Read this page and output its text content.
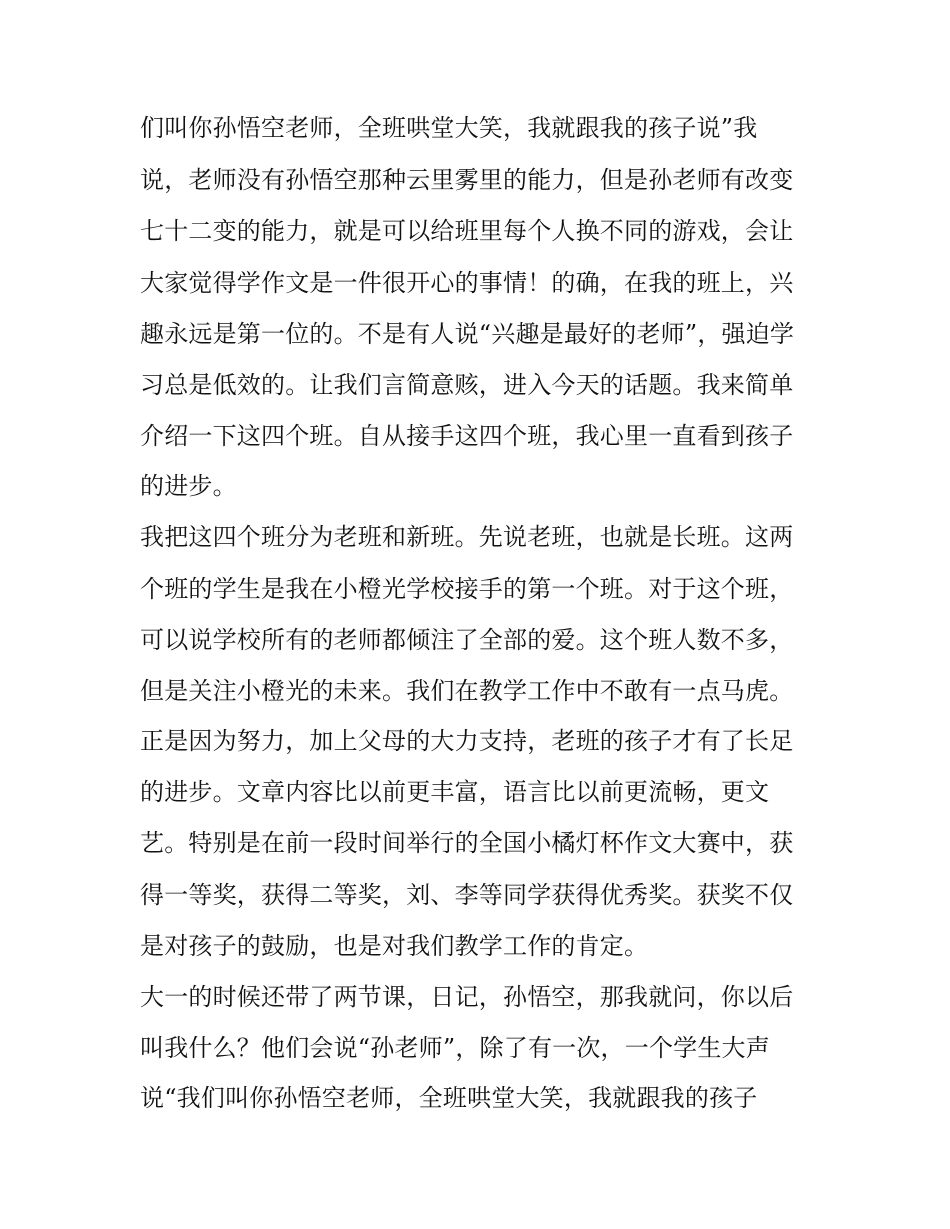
们叫你孙悟空老师，全班哄堂大笑，我就跟我的孩子说”我
说，老师没有孙悟空那种云里雾里的能力，但是孙老师有改变
七十二变的能力，就是可以给班里每个人换不同的游戏，会让
大家觉得学作文是一件很开心的事情！的确，在我的班上，兴
趣永远是第一位的。不是有人说“兴趣是最好的老师”，强迫学
习总是低效的。让我们言简意赅，进入今天的话题。我来简单
介绍一下这四个班。自从接手这四个班，我心里一直看到孩子
的进步。
我把这四个班分为老班和新班。先说老班，也就是长班。这两
个班的学生是我在小橙光学校接手的第一个班。对于这个班，
可以说学校所有的老师都倾注了全部的爱。这个班人数不多，
但是关注小橙光的未来。我们在教学工作中不敢有一点马虎。
正是因为努力，加上父母的大力支持，老班的孩子才有了长足
的进步。文章内容比以前更丰富，语言比以前更流畅，更文
艺。特别是在前一段时间举行的全国小橘灯杯作文大赛中，获
得一等奖，获得二等奖，刘、李等同学获得优秀奖。获奖不仅
是对孩子的鼓励，也是对我们教学工作的肯定。
大一的时候还带了两节课，日记，孙悟空，那我就问，你以后
叫我什么？他们会说“孙老师”，除了有一次，一个学生大声
说“我们叫你孙悟空老师，全班哄堂大笑，我就跟我的孩子
